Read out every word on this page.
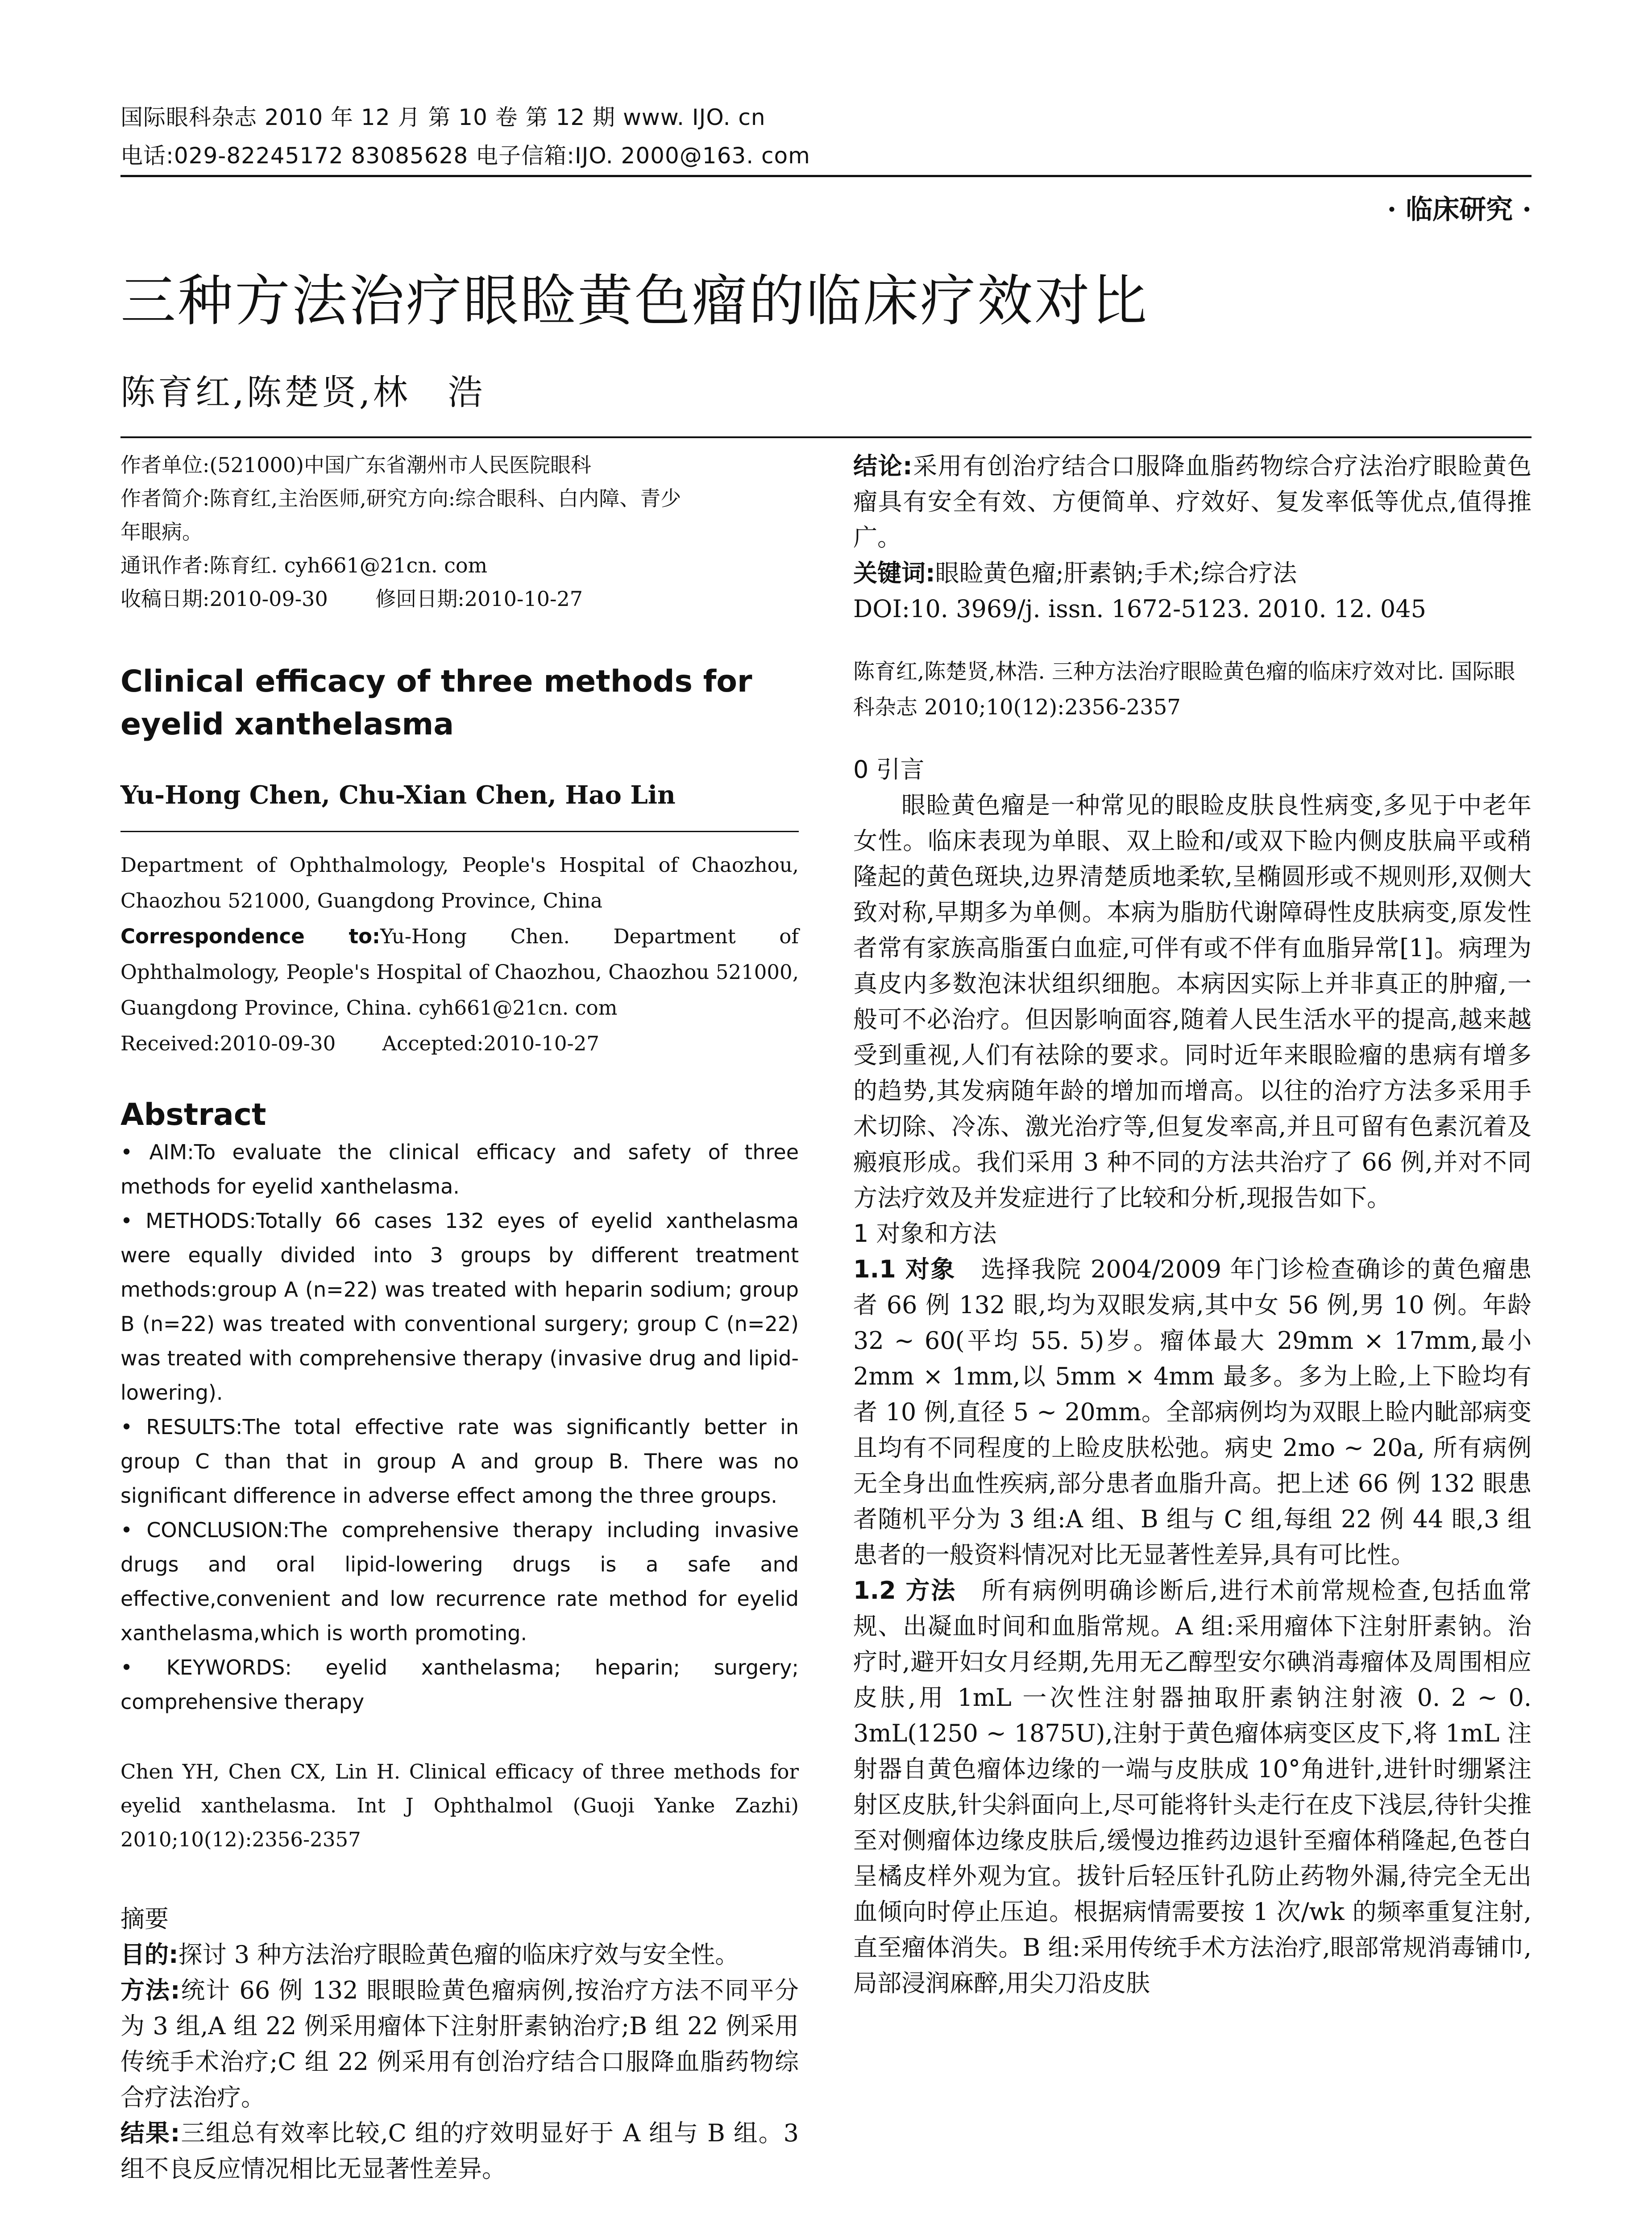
国际眼科杂志 2010 年 12 月 第 10 卷 第 12 期 www. IJO. cn
电话:029-82245172 83085628 电子信箱:IJO. 2000@163. com
· 临床研究 ·
三种方法治疗眼睑黄色瘤的临床疗效对比
陈育红,陈楚贤,林　浩
作者单位:(521000)中国广东省潮州市人民医院眼科
作者简介:陈育红,主治医师,研究方向:综合眼科、白内障、青少
年眼病。
通讯作者:陈育红. cyh661@21cn. com
收稿日期:2010-09-30　　 修回日期:2010-10-27
Clinical efficacy of three methods for eyelid xanthelasma
Yu-Hong Chen, Chu-Xian Chen, Hao Lin
Department of Ophthalmology, People's Hospital of Chaozhou, Chaozhou 521000, Guangdong Province, China
Correspondence to:Yu-Hong Chen. Department of Ophthalmology, People's Hospital of Chaozhou, Chaozhou 521000, Guangdong Province, China. cyh661@21cn. com
Received:2010-09-30　　 Accepted:2010-10-27
Abstract
• AIM:To evaluate the clinical efficacy and safety of three methods for eyelid xanthelasma.
• METHODS:Totally 66 cases 132 eyes of eyelid xanthelasma were equally divided into 3 groups by different treatment methods:group A (n=22) was treated with heparin sodium; group B (n=22) was treated with conventional surgery; group C (n=22) was treated with comprehensive therapy (invasive drug and lipid-lowering).
• RESULTS:The total effective rate was significantly better in group C than that in group A and group B. There was no significant difference in adverse effect among the three groups.
• CONCLUSION:The comprehensive therapy including invasive drugs and oral lipid-lowering drugs is a safe and effective,convenient and low recurrence rate method for eyelid xanthelasma,which is worth promoting.
• KEYWORDS: eyelid xanthelasma; heparin; surgery; comprehensive therapy
Chen YH, Chen CX, Lin H. Clinical efficacy of three methods for eyelid xanthelasma. Int J Ophthalmol (Guoji Yanke Zazhi) 2010;10(12):2356-2357
摘要
目的:探讨 3 种方法治疗眼睑黄色瘤的临床疗效与安全性。
方法:统计 66 例 132 眼眼睑黄色瘤病例,按治疗方法不同平分为 3 组,A 组 22 例采用瘤体下注射肝素钠治疗;B 组 22 例采用传统手术治疗;C 组 22 例采用有创治疗结合口服降血脂药物综合疗法治疗。
结果:三组总有效率比较,C 组的疗效明显好于 A 组与 B 组。3 组不良反应情况相比无显著性差异。
结论:采用有创治疗结合口服降血脂药物综合疗法治疗眼睑黄色瘤具有安全有效、方便简单、疗效好、复发率低等优点,值得推广。
关键词:眼睑黄色瘤;肝素钠;手术;综合疗法
DOI:10. 3969/j. issn. 1672-5123. 2010. 12. 045
陈育红,陈楚贤,林浩. 三种方法治疗眼睑黄色瘤的临床疗效对比. 国际眼科杂志 2010;10(12):2356-2357
0 引言
眼睑黄色瘤是一种常见的眼睑皮肤良性病变,多见于中老年女性。临床表现为单眼、双上睑和/或双下睑内侧皮肤扁平或稍隆起的黄色斑块,边界清楚质地柔软,呈椭圆形或不规则形,双侧大致对称,早期多为单侧。本病为脂肪代谢障碍性皮肤病变,原发性者常有家族高脂蛋白血症,可伴有或不伴有血脂异常[1]。病理为真皮内多数泡沫状组织细胞。本病因实际上并非真正的肿瘤,一般可不必治疗。但因影响面容,随着人民生活水平的提高,越来越受到重视,人们有祛除的要求。同时近年来眼睑瘤的患病有增多的趋势,其发病随年龄的增加而增高。以往的治疗方法多采用手术切除、冷冻、激光治疗等,但复发率高,并且可留有色素沉着及瘢痕形成。我们采用 3 种不同的方法共治疗了 66 例,并对不同方法疗效及并发症进行了比较和分析,现报告如下。
1 对象和方法
1.1 对象　 选择我院 2004/2009 年门诊检查确诊的黄色瘤患者 66 例 132 眼,均为双眼发病,其中女 56 例,男 10 例。年龄 32 ~ 60(平均 55. 5)岁。瘤体最大 29mm × 17mm,最小 2mm × 1mm,以 5mm × 4mm 最多。多为上睑,上下睑均有者 10 例,直径 5 ~ 20mm。全部病例均为双眼上睑内眦部病变且均有不同程度的上睑皮肤松弛。病史 2mo ~ 20a, 所有病例无全身出血性疾病,部分患者血脂升高。把上述 66 例 132 眼患者随机平分为 3 组:A 组、B 组与 C 组,每组 22 例 44 眼,3 组患者的一般资料情况对比无显著性差异,具有可比性。
1.2 方法　 所有病例明确诊断后,进行术前常规检查,包括血常规、出凝血时间和血脂常规。A 组:采用瘤体下注射肝素钠。治疗时,避开妇女月经期,先用无乙醇型安尔碘消毒瘤体及周围相应皮肤,用 1mL 一次性注射器抽取肝素钠注射液 0. 2 ~ 0. 3mL(1250 ~ 1875U),注射于黄色瘤体病变区皮下,将 1mL 注射器自黄色瘤体边缘的一端与皮肤成 10°角进针,进针时绷紧注射区皮肤,针尖斜面向上,尽可能将针头走行在皮下浅层,待针尖推至对侧瘤体边缘皮肤后,缓慢边推药边退针至瘤体稍隆起,色苍白呈橘皮样外观为宜。拔针后轻压针孔防止药物外漏,待完全无出血倾向时停止压迫。根据病情需要按 1 次/wk 的频率重复注射,直至瘤体消失。B 组:采用传统手术方法治疗,眼部常规消毒铺巾,局部浸润麻醉,用尖刀沿皮肤
